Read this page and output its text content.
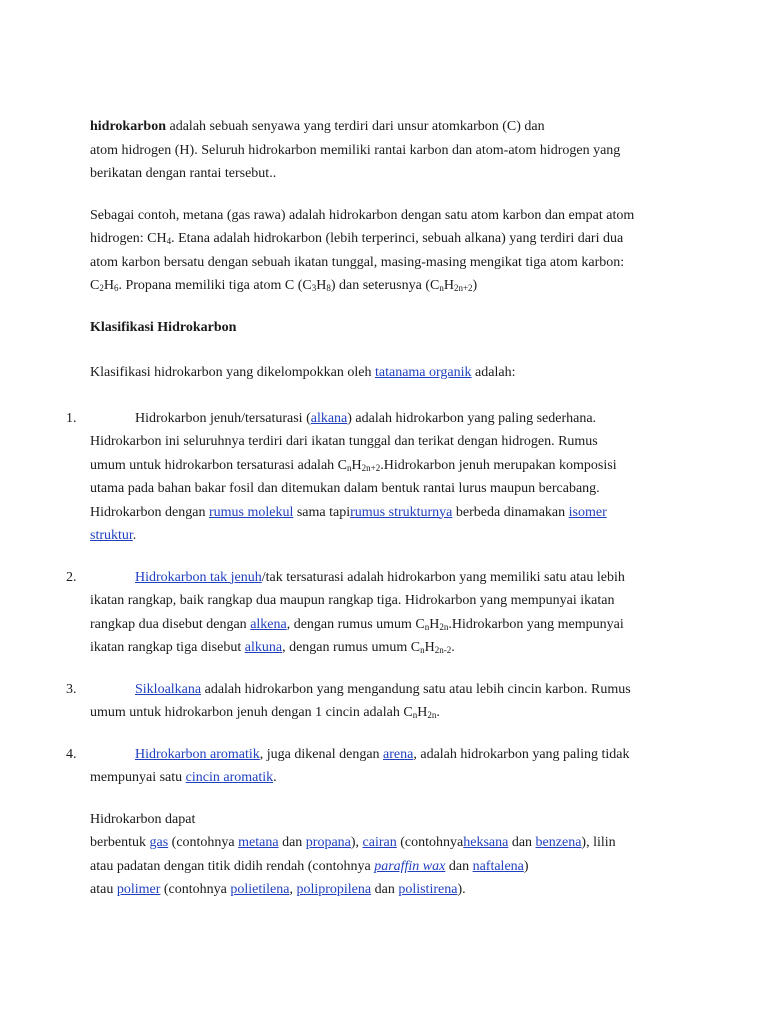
hidrokarbon adalah sebuah senyawa yang terdiri dari unsur atomkarbon (C) dan
atom hidrogen (H). Seluruh hidrokarbon memiliki rantai karbon dan atom-atom hidrogen yang
berikatan dengan rantai tersebut..
Sebagai contoh, metana (gas rawa) adalah hidrokarbon dengan satu atom karbon dan empat atom
hidrogen: $CH_4$. Etana adalah hidrokarbon (lebih terperinci, sebuah alkana) yang terdiri dari dua
atom karbon bersatu dengan sebuah ikatan tunggal, masing-masing mengikat tiga atom karbon:
$C_2H_6$. Propana memiliki tiga atom C $(C_3H_8)$ dan seterusnya $(C_nH_{2n+2})$
Klasifikasi Hidrokarbon
Klasifikasi hidrokarbon yang dikelompokkan oleh tatanama organik adalah:
1.	Hidrokarbon jenuh/tersaturasi (alkana) adalah hidrokarbon yang paling sederhana.
Hidrokarbon ini seluruhnya terdiri dari ikatan tunggal dan terikat dengan hidrogen. Rumus
umum untuk hidrokarbon tersaturasi adalah $C_nH_{2n+2}.Hidrokarbon$ jenuh merupakan komposisi
utama pada bahan bakar fosil dan ditemukan dalam bentuk rantai lurus maupun bercabang.
Hidrokarbon dengan rumus molekul sama tapirumus strukturnya berbeda dinamakan isomer
struktur.
2.	Hidrokarbon tak jenuh/tak tersaturasi adalah hidrokarbon yang memiliki satu atau lebih
ikatan rangkap, baik rangkap dua maupun rangkap tiga. Hidrokarbon yang mempunyai ikatan
rangkap dua disebut dengan alkena, dengan rumus umum $C_nH_{2n}.Hidrokarbon$ yang mempunyai
ikatan rangkap tiga disebut alkuna, dengan rumus umum $C_nH_{2n-2}$.
3.	Sikloalkana adalah hidrokarbon yang mengandung satu atau lebih cincin karbon. Rumus
umum untuk hidrokarbon jenuh dengan 1 cincin adalah $C_nH_{2n}$.
4.	Hidrokarbon aromatik, juga dikenal dengan arena, adalah hidrokarbon yang paling tidak
mempunyai satu cincin aromatik.
Hidrokarbon dapat
berbentuk gas (contohnya metana dan propana), cairan (contohnyaheksana dan benzena), lilin
atau padatan dengan titik didih rendah (contohnya paraffin wax dan naftalena)
atau polimer (contohnya polietilena, polipropilena dan polistirena).
